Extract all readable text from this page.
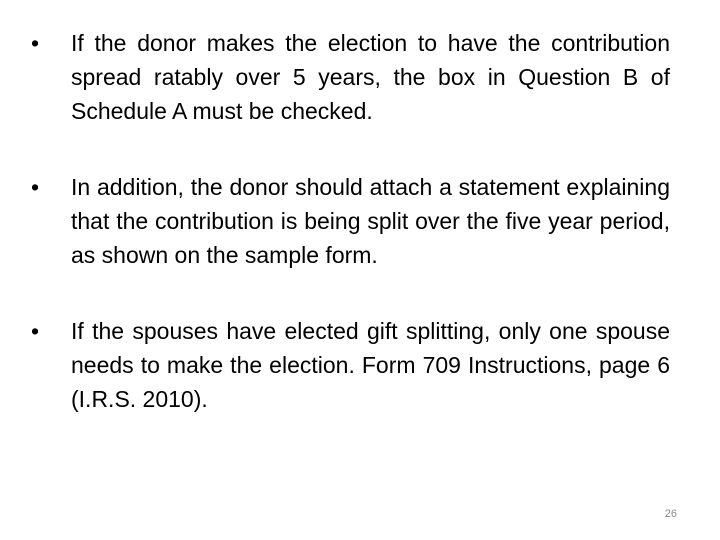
• If the donor makes the election to have the contribution spread ratably over 5 years, the box in Question B of Schedule A must be checked.
• In addition, the donor should attach a statement explaining that the contribution is being split over the five year period, as shown on the sample form.
• If the spouses have elected gift splitting, only one spouse needs to make the election. Form 709 Instructions, page 6 (I.R.S. 2010).
26
